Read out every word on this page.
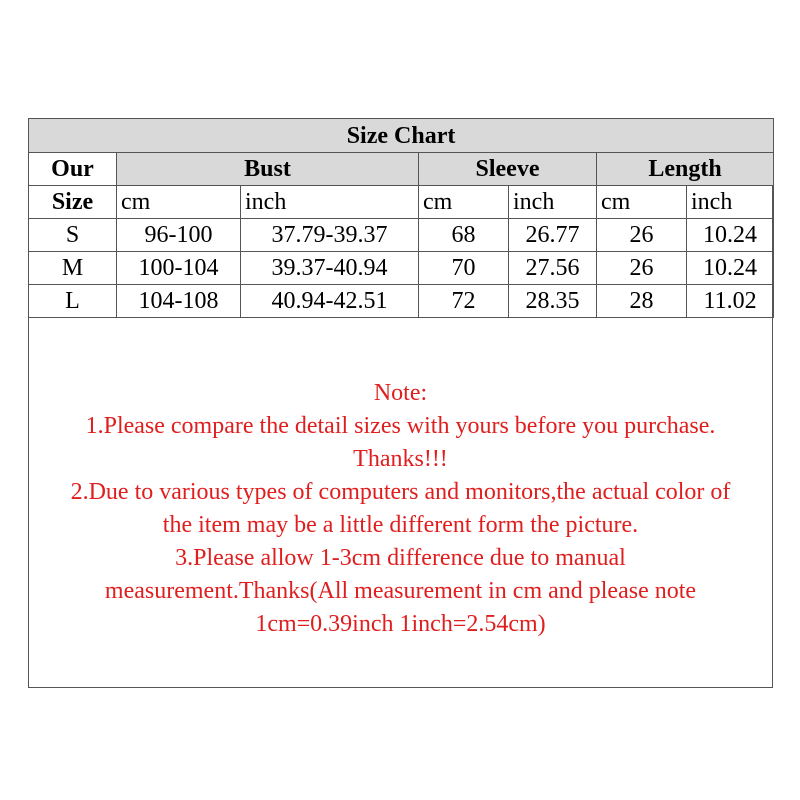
Size Chart						
Our	Bust		Sleeve		Length	
Size	cm	inch	cm	inch	cm	inch
S	96-100	37.79-39.37	68	26.77	26	10.24
M	100-104	39.37-40.94	70	27.56	26	10.24
L	104-108	40.94-42.51	72	28.35	28	11.02
Note:
1.Please compare the detail sizes with yours before you purchase.
Thanks!!!
2.Due to various types of computers and monitors,the actual color of
the item may be a little different form the picture.
3.Please allow 1-3cm difference due to manual
measurement.Thanks(All measurement in cm and please note
1cm=0.39inch 1inch=2.54cm)
